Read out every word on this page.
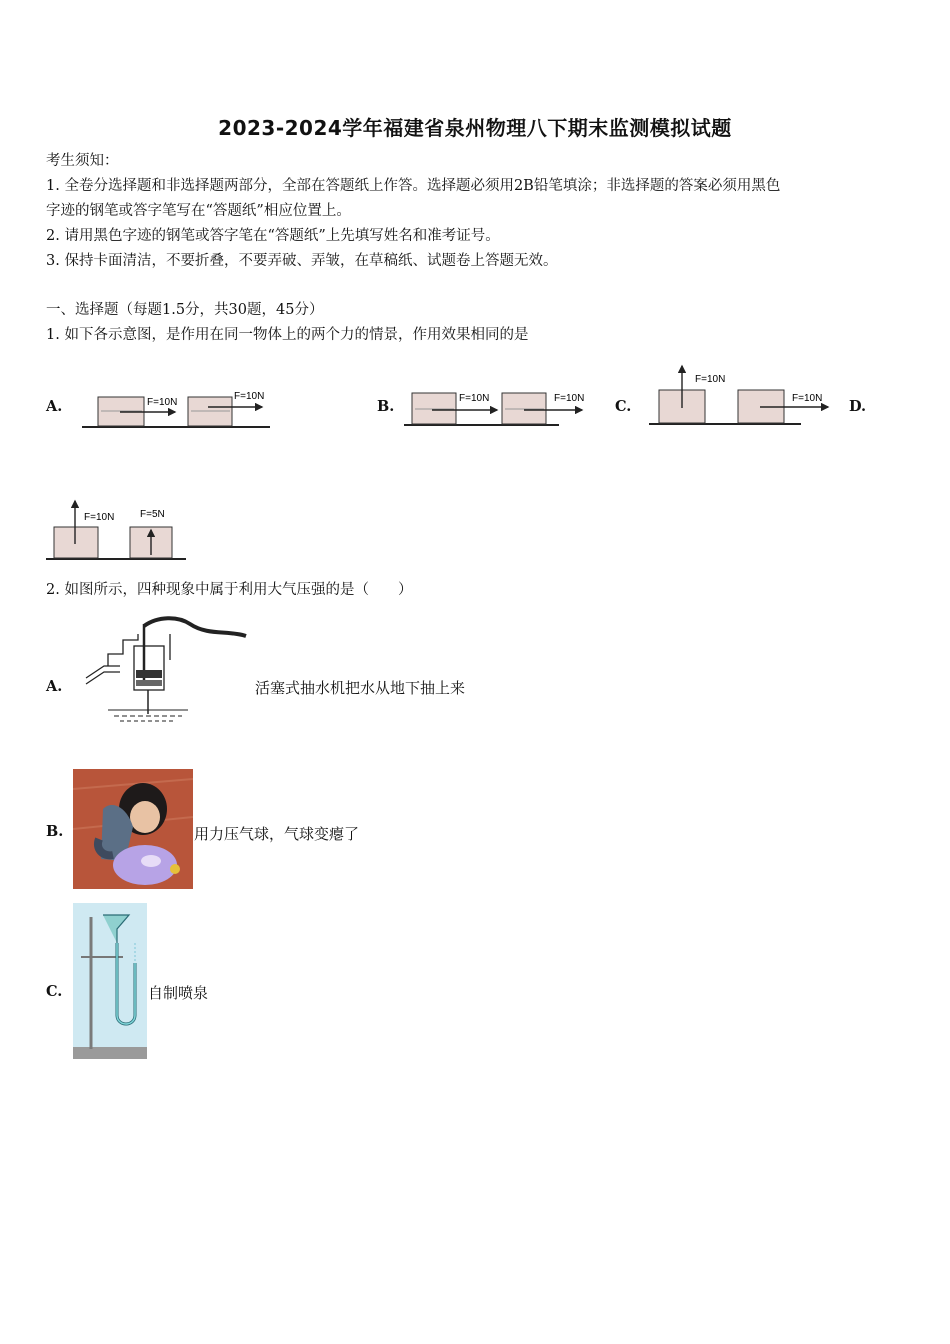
2023-2024学年福建省泉州物理八下期末监测模拟试题
考生须知：
1. 全卷分选择题和非选择题两部分，全部在答题纸上作答。选择题必须用2B铅笔填涂；非选择题的答案必须用黑色
字迹的钢笔或答字笔写在“答题纸”相应位置上。
2. 请用黑色字迹的钢笔或答字笔在“答题纸”上先填写姓名和准考证号。
3. 保持卡面清洁，不要折叠，不要弄破、弄皱，在草稿纸、试题卷上答题无效。
一、选择题（每题1.5分，共30题，45分）
1. 如下各示意图，是作用在同一物体上的两个力的情景，作用效果相同的是
A.	F=10N
F=10N
B.	F=10N	F=10N C.
F=10N
F=10N D.
F=10N	F=5N
2. 如图所示，四种现象中属于利用大气压强的是（　　）
A.	活塞式抽水机把水从地下抽上来
B.	用力压气球，气球变瘪了
C.	自制喷泉
